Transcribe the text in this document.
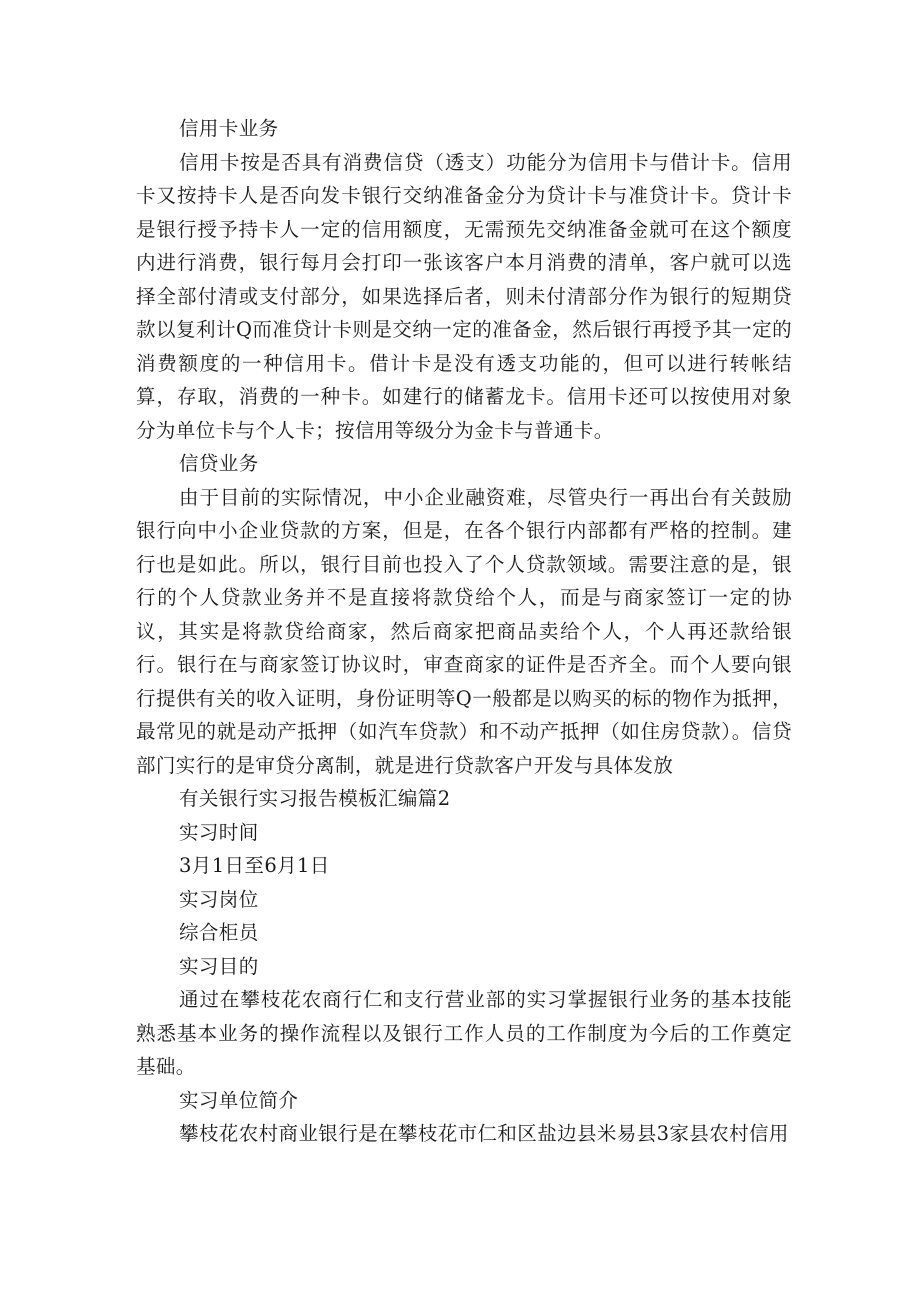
信用卡业务

信用卡按是否具有消费信贷（透支）功能分为信用卡与借计卡。信用卡又按持卡人是否向发卡银行交纳准备金分为贷计卡与准贷计卡。贷计卡是银行授予持卡人一定的信用额度，无需预先交纳准备金就可在这个额度内进行消费，银行每月会打印一张该客户本月消费的清单，客户就可以选择全部付清或支付部分，如果选择后者，则未付清部分作为银行的短期贷款以复利计Q而准贷计卡则是交纳一定的准备金，然后银行再授予其一定的消费额度的一种信用卡。借计卡是没有透支功能的，但可以进行转帐结算，存取，消费的一种卡。如建行的储蓄龙卡。信用卡还可以按使用对象分为单位卡与个人卡；按信用等级分为金卡与普通卡。

信贷业务

由于目前的实际情况，中小企业融资难，尽管央行一再出台有关鼓励银行向中小企业贷款的方案，但是，在各个银行内部都有严格的控制。建行也是如此。所以，银行目前也投入了个人贷款领域。需要注意的是，银行的个人贷款业务并不是直接将款贷给个人，而是与商家签订一定的协议，其实是将款贷给商家，然后商家把商品卖给个人，个人再还款给银行。银行在与商家签订协议时，审查商家的证件是否齐全。而个人要向银行提供有关的收入证明，身份证明等Q一般都是以购买的标的物作为抵押，最常见的就是动产抵押（如汽车贷款）和不动产抵押（如住房贷款）。信贷部门实行的是审贷分离制，就是进行贷款客户开发与具体发放

有关银行实习报告模板汇编篇2

实习时间

3月1日至6月1日

实习岗位

综合柜员

实习目的

通过在攀枝花农商行仁和支行营业部的实习掌握银行业务的基本技能熟悉基本业务的操作流程以及银行工作人员的工作制度为今后的工作奠定基础。

实习单位简介

攀枝花农村商业银行是在攀枝花市仁和区盐边县米易县3家县农村信用
